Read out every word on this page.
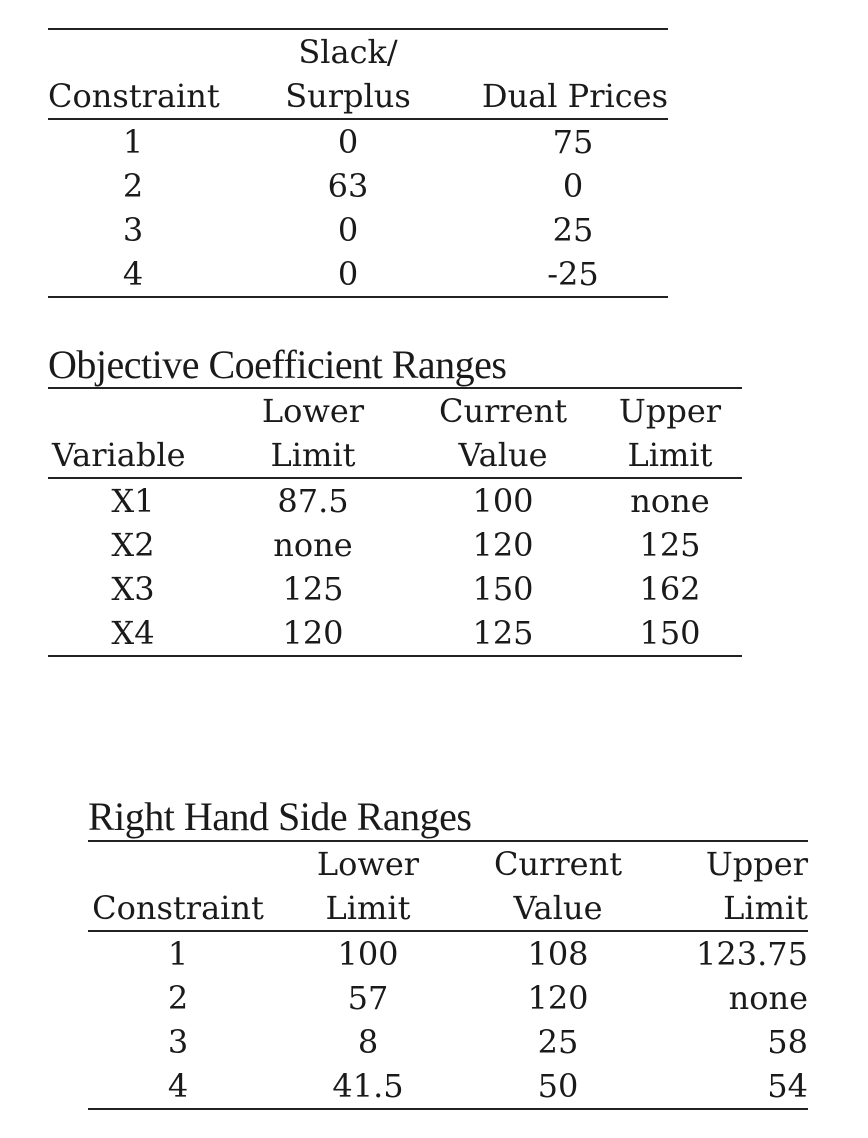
	Slack/	
Constraint	Surplus	Dual Prices
1	0	75
2	63	0
3	0	25
4	0	-25
Objective Coefficient Ranges
	Lower	Current	Upper
Variable	Limit	Value	Limit
X1	87.5	100	none
X2	none	120	125
X3	125	150	162
X4	120	125	150
Right Hand Side Ranges
	Lower	Current	Upper
Constraint	Limit	Value	Limit
1	100	108	123.75
2	57	120	none
3	8	25	58
4	41.5	50	54
